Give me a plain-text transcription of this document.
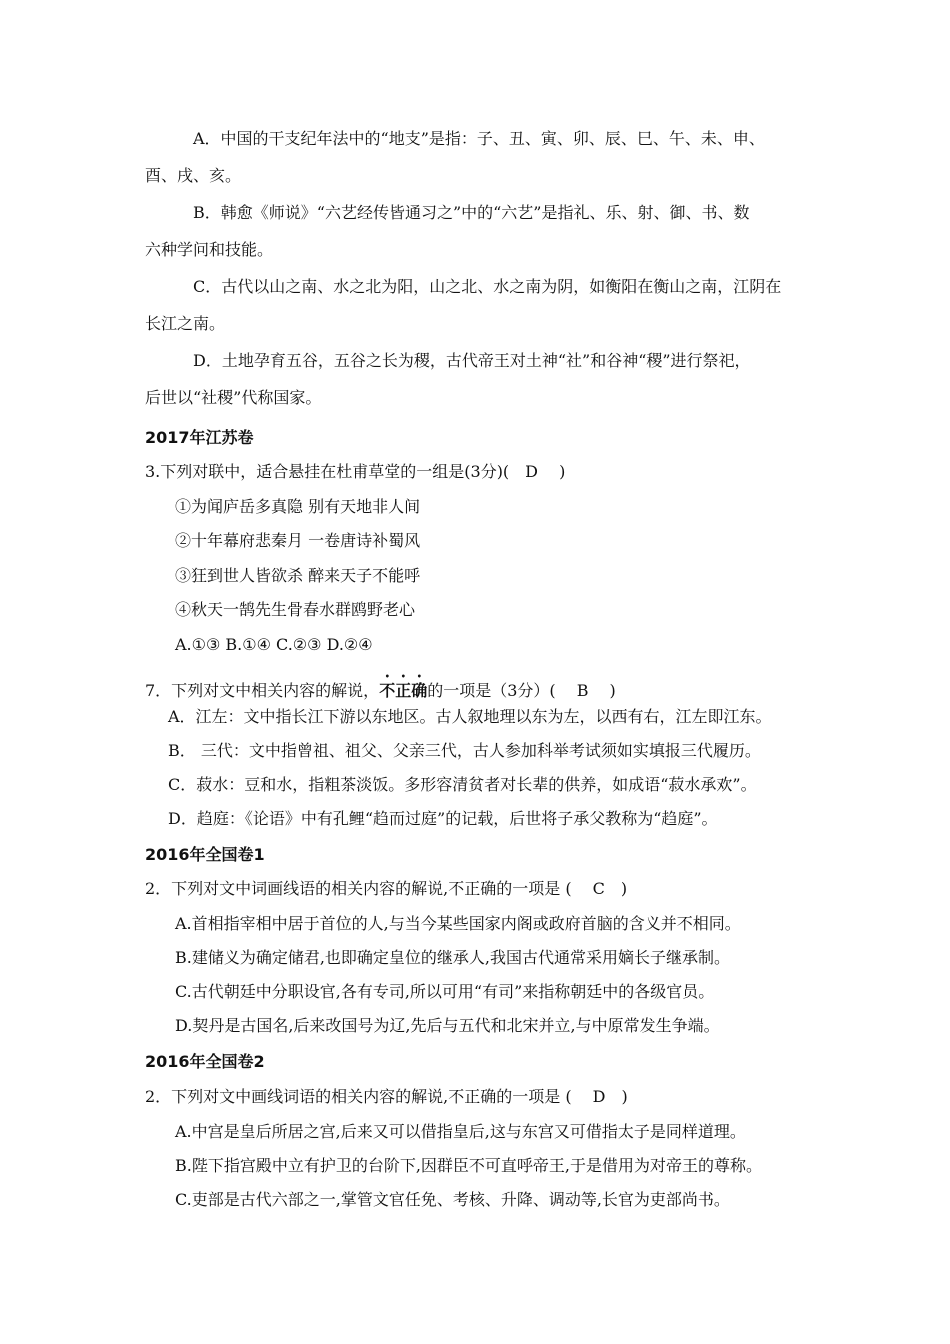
A．中国的干支纪年法中的“地支”是指：子、丑、寅、卯、辰、巳、午、未、申、
酉、戌、亥。
B．韩愈《师说》“六艺经传皆通习之”中的“六艺”是指礼、乐、射、御、书、数
六种学问和技能。
C．古代以山之南、水之北为阳，山之北、水之南为阴，如衡阳在衡山之南，江阴在
长江之南。
D．土地孕育五谷，五谷之长为稷，古代帝王对土神“社”和谷神“稷”进行祭祀，
后世以“社稷”代称国家。
2017年江苏卷
3.下列对联中，适合悬挂在杜甫草堂的一组是(3分)(　D　 )
①为闻庐岳多真隐 别有天地非人间
②十年幕府悲秦月 一卷唐诗补蜀风
③狂到世人皆欲杀 醉来天子不能呼
④秋天一鹄先生骨春水群鸥野老心
A.①③ B.①④ C.②③ D.②④
7．下列对文中相关内容的解说，不正确的一项是（3分）(　 B　 )
A．江左：文中指长江下游以东地区。古人叙地理以东为左，以西有右，江左即江东。
B． 三代：文中指曾祖、祖父、父亲三代，古人参加科举考试须如实填报三代履历。
C．菽水：豆和水，指粗茶淡饭。多形容清贫者对长辈的供养，如成语“菽水承欢”。
D．趋庭：《论语》中有孔鲤“趋而过庭”的记载，后世将子承父教称为“趋庭”。
2016年全国卷1
2．下列对文中词画线语的相关内容的解说,不正确的一项是 (　 C　)
A.首相指宰相中居于首位的人,与当今某些国家内阁或政府首脑的含义并不相同。
B.建储义为确定储君,也即确定皇位的继承人,我国古代通常采用嫡长子继承制。
C.古代朝廷中分职设官,各有专司,所以可用“有司”来指称朝廷中的各级官员。
D.契丹是古国名,后来改国号为辽,先后与五代和北宋并立,与中原常发生争端。
2016年全国卷2
2．下列对文中画线词语的相关内容的解说,不正确的一项是 (　 D　)
A.中宫是皇后所居之宫,后来又可以借指皇后,这与东宫又可借指太子是同样道理。
B.陛下指宫殿中立有护卫的台阶下,因群臣不可直呼帝王,于是借用为对帝王的尊称。
C.吏部是古代六部之一,掌管文官任免、考核、升降、调动等,长官为吏部尚书。
